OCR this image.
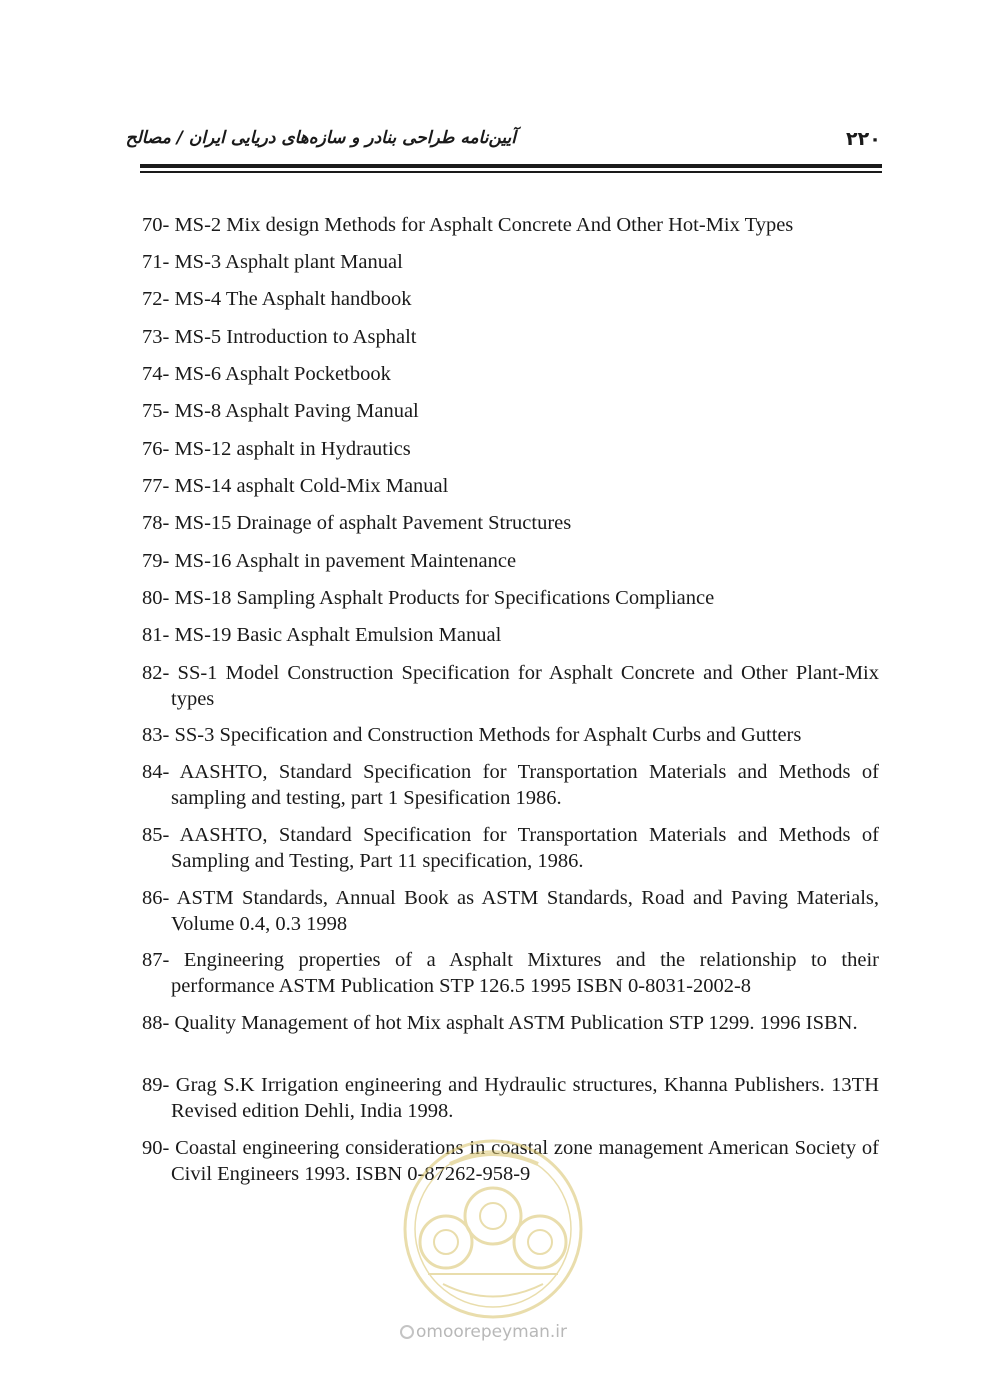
۲۲۰
آیین‌نامه طراحی بنادر و سازه‌های دریایی ایران / مصالح
70- MS-2 Mix design Methods for Asphalt Concrete And Other Hot-Mix Types
71- MS-3 Asphalt plant Manual
72- MS-4 The Asphalt handbook
73- MS-5 Introduction to Asphalt
74- MS-6 Asphalt Pocketbook
75- MS-8 Asphalt Paving Manual
76- MS-12 asphalt in Hydrautics
77- MS-14 asphalt Cold-Mix Manual
78- MS-15 Drainage of asphalt Pavement Structures
79- MS-16 Asphalt in pavement Maintenance
80- MS-18 Sampling Asphalt Products for Specifications Compliance
81- MS-19 Basic Asphalt Emulsion Manual
82- SS-1 Model Construction Specification for Asphalt Concrete and Other Plant-Mix types
83- SS-3 Specification and Construction Methods for Asphalt Curbs and Gutters
84- AASHTO, Standard Specification for Transportation Materials and Methods of sampling and testing, part 1 Spesification 1986.
85- AASHTO, Standard Specification for Transportation Materials and Methods of Sampling and Testing, Part 11 specification, 1986.
86- ASTM Standards, Annual Book as ASTM Standards, Road and Paving Materials, Volume 0.4, 0.3 1998
87- Engineering properties of a Asphalt Mixtures and the relationship to their performance ASTM Publication STP 126.5 1995 ISBN 0-8031-2002-8
88- Quality Management of hot Mix asphalt ASTM Publication STP 1299. 1996 ISBN.
89- Grag S.K Irrigation engineering and Hydraulic structures, Khanna Publishers. 13TH Revised edition Dehli, India 1998.
90- Coastal engineering considerations in coastal zone management American Society of Civil Engineers 1993. ISBN 0-87262-958-9
omoorepeyman.ir
